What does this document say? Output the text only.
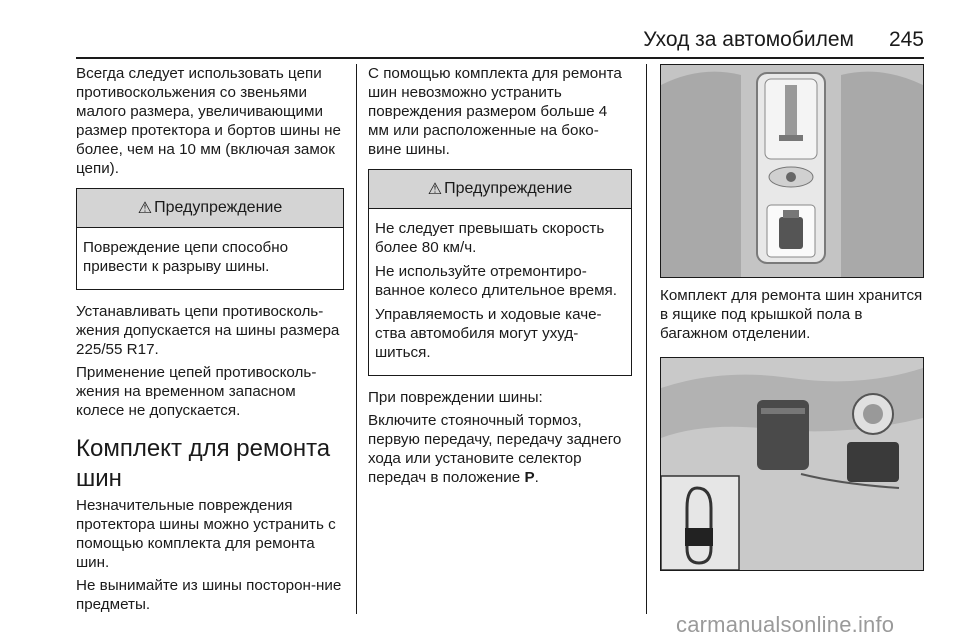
Уход за автомобилем 245

Всегда следует использовать цепи противоскольжения со звеньями малого размера, увеличивающими размер протектора и бортов шины не более, чем на 10 мм (включая замок цепи).

⚠ Предупреждение

Повреждение цепи способно привести к разрыву шины.

Устанавливать цепи противосколь-жения допускается на шины размера 225/55 R17.

Применение цепей противосколь-жения на временном запасном колесе не допускается.

Комплект для ремонта шин

Незначительные повреждения протектора шины можно устранить с помощью комплекта для ремонта шин.

Не вынимайте из шины посторон-ние предметы.

С помощью комплекта для ремонта шин невозможно устранить повреждения размером больше 4 мм или расположенные на боко-вине шины.

⚠ Предупреждение

Не следует превышать скорость более 80 км/ч.

Не используйте отремонтиро-ванное колесо длительное время.

Управляемость и ходовые каче-ства автомобиля могут ухуд-шиться.

При повреждении шины:

Включите стояночный тормоз, первую передачу, передачу заднего хода или установите селектор передач в положение P.

Комплект для ремонта шин хранится в ящике под крышкой пола в багажном отделении.

carmanualsonline.info
